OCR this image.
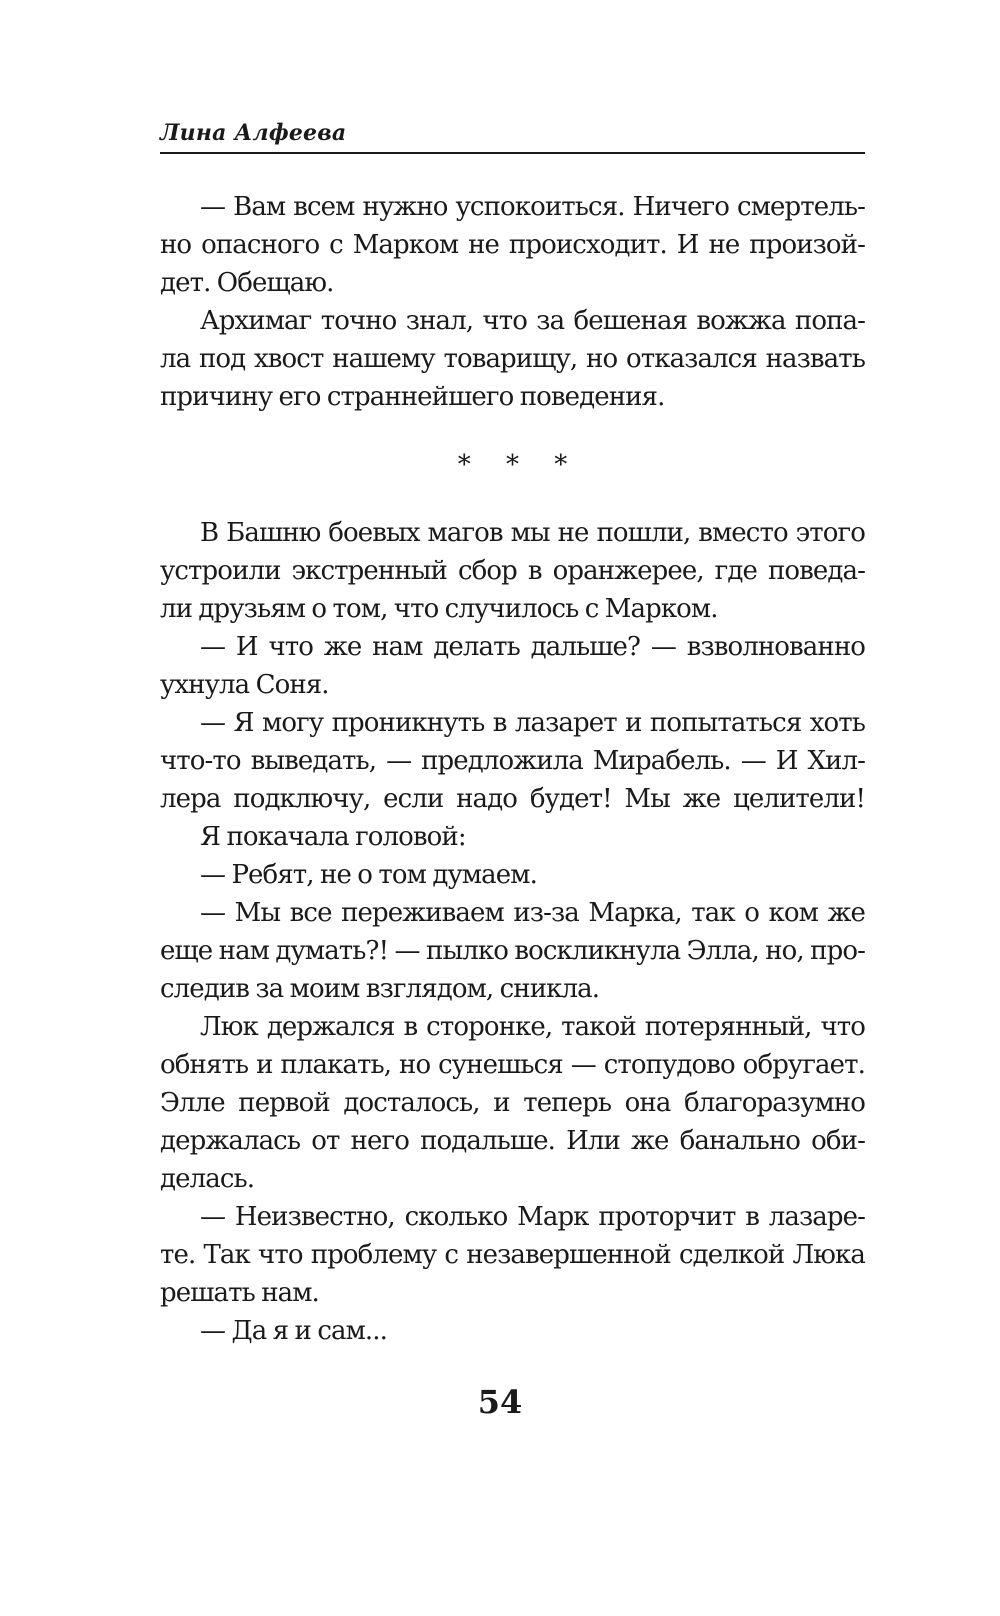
Лина Алфеева
— Вам всем нужно успокоиться. Ничего смертель-
но опасного с Марком не происходит. И не произой-
дет. Обещаю.
Архимаг точно знал, что за бешеная вожжа попа-
ла под хвост нашему товарищу, но отказался назвать
причину его страннейшего поведения.
* * *
В Башню боевых магов мы не пошли, вместо этого
устроили экстренный сбор в оранжерее, где поведа-
ли друзьям о том, что случилось с Марком.
— И что же нам делать дальше? — взволнованно
ухнула Соня.
— Я могу проникнуть в лазарет и попытаться хоть
что-то выведать, — предложила Мирабель. — И Хил-
лера подключу, если надо будет! Мы же целители!
Я покачала головой:
— Ребят, не о том думаем.
— Мы все переживаем из-за Марка, так о ком же
еще нам думать?! — пылко воскликнула Элла, но, про-
следив за моим взглядом, сникла.
Люк держался в сторонке, такой потерянный, что
обнять и плакать, но сунешься — стопудово обругает.
Элле первой досталось, и теперь она благоразумно
держалась от него подальше. Или же банально оби-
делась.
— Неизвестно, сколько Марк проторчит в лазаре-
те. Так что проблему с незавершенной сделкой Люка
решать нам.
— Да я и сам...
54
